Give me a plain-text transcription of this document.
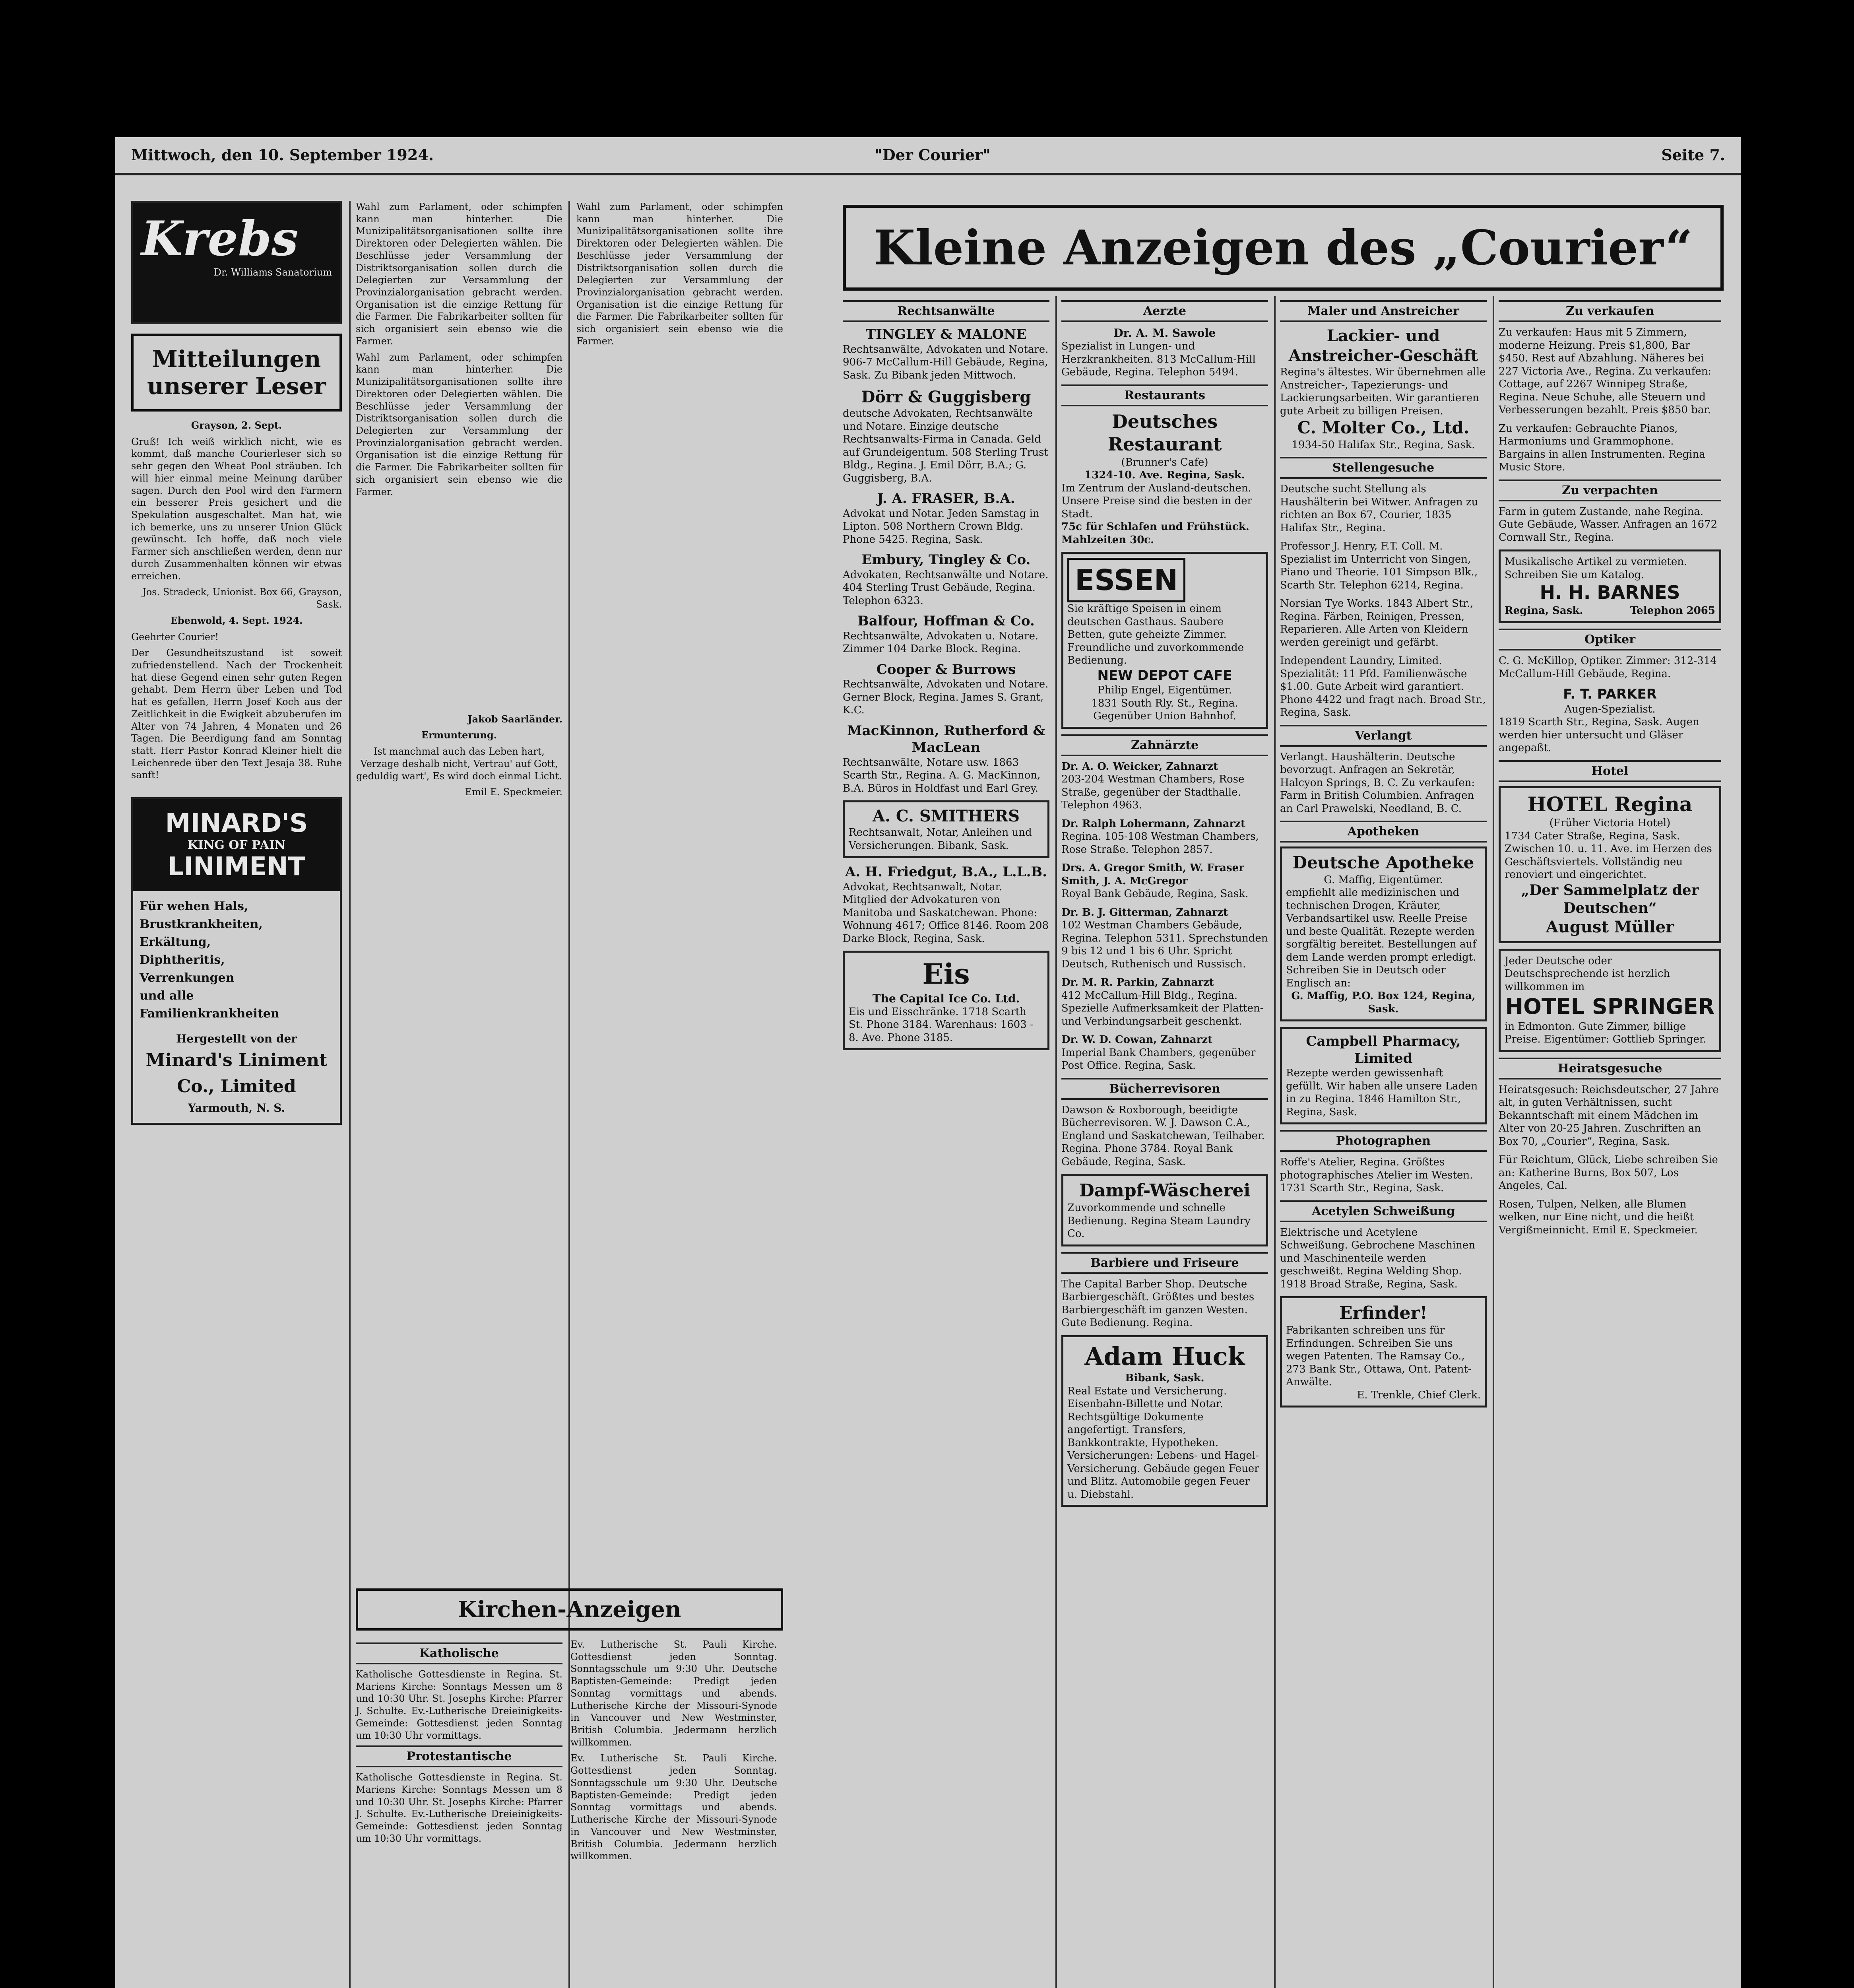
Mittwoch, den 10. September 1924.	"Der Courier"	Seite 7.
Krebs
Dr. Williams Sanatorium
Mitteilungen unserer Leser
Grayson, 2. Sept.
Gruß! Ich weiß wirklich nicht, wie es kommt, daß manche Courierleser sich so sehr gegen den Wheat Pool sträuben. Ich will hier einmal meine Meinung darüber sagen. Durch den Pool wird den Farmern ein besserer Preis gesichert und die Spekulation ausgeschaltet. Man hat, wie ich bemerke, uns zu unserer Union Glück gewünscht. Ich hoffe, daß noch viele Farmer sich anschließen werden, denn nur durch Zusammenhalten können wir etwas erreichen.
Jos. Stradeck, Unionist. Box 66, Grayson, Sask.
Ebenwold, 4. Sept. 1924.
Geehrter Courier!
Der Gesundheitszustand ist soweit zufriedenstellend. Nach der Trockenheit hat diese Gegend einen sehr guten Regen gehabt. Dem Herrn über Leben und Tod hat es gefallen, Herrn Josef Koch aus der Zeitlichkeit in die Ewigkeit abzuberufen im Alter von 74 Jahren, 4 Monaten und 26 Tagen. Die Beerdigung fand am Sonntag statt. Herr Pastor Konrad Kleiner hielt die Leichenrede über den Text Jesaja 38. Ruhe sanft!
MINARD'S
KING OF PAIN
LINIMENT
Für wehen Hals,
Brustkrankheiten,
Erkältung,
Diphtheritis,
Verrenkungen
und alle Familienkrankheiten
Hergestellt von der
Minard's Liniment Co., Limited
Yarmouth, N. S.
Wahl zum Parlament, oder schimpfen kann man hinterher. Die Munizipalitätsorganisationen sollte ihre Direktoren oder Delegierten wählen. Die Beschlüsse jeder Versammlung der Distriktsorganisation sollen durch die Delegierten zur Versammlung der Provinzialorganisation gebracht werden. Organisation ist die einzige Rettung für die Farmer. Die Fabrikarbeiter sollten für sich organisiert sein ebenso wie die Farmer.
Wahl zum Parlament, oder schimpfen kann man hinterher. Die Munizipalitätsorganisationen sollte ihre Direktoren oder Delegierten wählen. Die Beschlüsse jeder Versammlung der Distriktsorganisation sollen durch die Delegierten zur Versammlung der Provinzialorganisation gebracht werden. Organisation ist die einzige Rettung für die Farmer. Die Fabrikarbeiter sollten für sich organisiert sein ebenso wie die Farmer.
Jakob Saarländer.
Ermunterung.
Ist manchmal auch das Leben hart, Verzage deshalb nicht, Vertrau' auf Gott, geduldig wart', Es wird doch einmal Licht.
Emil E. Speckmeier.
Wahl zum Parlament, oder schimpfen kann man hinterher. Die Munizipalitätsorganisationen sollte ihre Direktoren oder Delegierten wählen. Die Beschlüsse jeder Versammlung der Distriktsorganisation sollen durch die Delegierten zur Versammlung der Provinzialorganisation gebracht werden. Organisation ist die einzige Rettung für die Farmer. Die Fabrikarbeiter sollten für sich organisiert sein ebenso wie die Farmer.
Kirchen-Anzeigen
Katholische
Katholische Gottesdienste in Regina. St. Mariens Kirche: Sonntags Messen um 8 und 10:30 Uhr. St. Josephs Kirche: Pfarrer J. Schulte. Ev.-Lutherische Dreieinigkeits-Gemeinde: Gottesdienst jeden Sonntag um 10:30 Uhr vormittags.
Protestantische
Katholische Gottesdienste in Regina. St. Mariens Kirche: Sonntags Messen um 8 und 10:30 Uhr. St. Josephs Kirche: Pfarrer J. Schulte. Ev.-Lutherische Dreieinigkeits-Gemeinde: Gottesdienst jeden Sonntag um 10:30 Uhr vormittags.
Ev. Lutherische St. Pauli Kirche. Gottesdienst jeden Sonntag. Sonntagsschule um 9:30 Uhr. Deutsche Baptisten-Gemeinde: Predigt jeden Sonntag vormittags und abends. Lutherische Kirche der Missouri-Synode in Vancouver und New Westminster, British Columbia. Jedermann herzlich willkommen.
Ev. Lutherische St. Pauli Kirche. Gottesdienst jeden Sonntag. Sonntagsschule um 9:30 Uhr. Deutsche Baptisten-Gemeinde: Predigt jeden Sonntag vormittags und abends. Lutherische Kirche der Missouri-Synode in Vancouver und New Westminster, British Columbia. Jedermann herzlich willkommen.
Kleine Anzeigen des „Courier“
Rechtsanwälte
TINGLEY & MALONE
Rechtsanwälte, Advokaten und Notare. 906-7 McCallum-Hill Gebäude, Regina, Sask. Zu Bibank jeden Mittwoch.
Dörr & Guggisberg
deutsche Advokaten, Rechtsanwälte und Notare. Einzige deutsche Rechtsanwalts-Firma in Canada. Geld auf Grundeigentum. 508 Sterling Trust Bldg., Regina. J. Emil Dörr, B.A.; G. Guggisberg, B.A.
J. A. FRASER, B.A.
Advokat und Notar. Jeden Samstag in Lipton. 508 Northern Crown Bldg. Phone 5425. Regina, Sask.
Embury, Tingley & Co.
Advokaten, Rechtsanwälte und Notare. 404 Sterling Trust Gebäude, Regina. Telephon 6323.
Balfour, Hoffman & Co.
Rechtsanwälte, Advokaten u. Notare. Zimmer 104 Darke Block. Regina.
Cooper & Burrows
Rechtsanwälte, Advokaten und Notare. Gerner Block, Regina. James S. Grant, K.C.
MacKinnon, Rutherford & MacLean
Rechtsanwälte, Notare usw. 1863 Scarth Str., Regina. A. G. MacKinnon, B.A. Büros in Holdfast und Earl Grey.
A. C. SMITHERS
Rechtsanwalt, Notar, Anleihen und Versicherungen. Bibank, Sask.
A. H. Friedgut, B.A., L.L.B.
Advokat, Rechtsanwalt, Notar. Mitglied der Advokaturen von Manitoba und Saskatchewan. Phone: Wohnung 4617; Office 8146. Room 208 Darke Block, Regina, Sask.
Eis
The Capital Ice Co. Ltd.
Eis und Eisschränke. 1718 Scarth St. Phone 3184. Warenhaus: 1603 - 8. Ave. Phone 3185.
Aerzte
Dr. A. M. Sawole
Spezialist in Lungen- und Herzkrankheiten. 813 McCallum-Hill Gebäude, Regina. Telephon 5494.
Restaurants
Deutsches Restaurant
(Brunner's Cafe)
1324-10. Ave. Regina, Sask.
Im Zentrum der Ausland-deutschen. Unsere Preise sind die besten in der Stadt.
75c für Schlafen und Frühstück. Mahlzeiten 30c.
ESSEN
Sie kräftige Speisen in einem deutschen Gasthaus. Saubere Betten, gute geheizte Zimmer. Freundliche und zuvorkommende Bedienung.
NEW DEPOT CAFE
Philip Engel, Eigentümer.
1831 South Rly. St., Regina. Gegenüber Union Bahnhof.
Zahnärzte
Dr. A. O. Weicker, Zahnarzt
203-204 Westman Chambers, Rose Straße, gegenüber der Stadthalle. Telephon 4963.
Dr. Ralph Lohermann, Zahnarzt
Regina. 105-108 Westman Chambers, Rose Straße. Telephon 2857.
Drs. A. Gregor Smith, W. Fraser Smith, J. A. McGregor
Royal Bank Gebäude, Regina, Sask.
Dr. B. J. Gitterman, Zahnarzt
102 Westman Chambers Gebäude, Regina. Telephon 5311. Sprechstunden 9 bis 12 und 1 bis 6 Uhr. Spricht Deutsch, Ruthenisch und Russisch.
Dr. M. R. Parkin, Zahnarzt
412 McCallum-Hill Bldg., Regina. Spezielle Aufmerksamkeit der Platten- und Verbindungsarbeit geschenkt.
Dr. W. D. Cowan, Zahnarzt
Imperial Bank Chambers, gegenüber Post Office. Regina, Sask.
Bücherrevisoren
Dawson & Roxborough, beeidigte Bücherrevisoren. W. J. Dawson C.A., England und Saskatchewan, Teilhaber. Regina. Phone 3784. Royal Bank Gebäude, Regina, Sask.
Dampf-Wäscherei
Zuvorkommende und schnelle Bedienung. Regina Steam Laundry Co.
Barbiere und Friseure
The Capital Barber Shop. Deutsche Barbiergeschäft. Größtes und bestes Barbiergeschäft im ganzen Westen. Gute Bedienung. Regina.
Adam Huck
Bibank, Sask.
Real Estate und Versicherung. Eisenbahn-Billette und Notar. Rechtsgültige Dokumente angefertigt. Transfers, Bankkontrakte, Hypotheken. Versicherungen: Lebens- und Hagel-Versicherung. Gebäude gegen Feuer und Blitz. Automobile gegen Feuer u. Diebstahl.
Maler und Anstreicher
Lackier- und Anstreicher-Geschäft
Regina's ältestes. Wir übernehmen alle Anstreicher-, Tapezierungs- und Lackierungsarbeiten. Wir garantieren gute Arbeit zu billigen Preisen.
C. Molter Co., Ltd.
1934-50 Halifax Str., Regina, Sask.
Stellengesuche
Deutsche sucht Stellung als Haushälterin bei Witwer. Anfragen zu richten an Box 67, Courier, 1835 Halifax Str., Regina.
Professor J. Henry, F.T. Coll. M. Spezialist im Unterricht von Singen, Piano und Theorie. 101 Simpson Blk., Scarth Str. Telephon 6214, Regina.
Norsian Tye Works. 1843 Albert Str., Regina. Färben, Reinigen, Pressen, Reparieren. Alle Arten von Kleidern werden gereinigt und gefärbt.
Independent Laundry, Limited. Spezialität: 11 Pfd. Familienwäsche $1.00. Gute Arbeit wird garantiert. Phone 4422 und fragt nach. Broad Str., Regina, Sask.
Verlangt
Verlangt. Haushälterin. Deutsche bevorzugt. Anfragen an Sekretär, Halcyon Springs, B. C. Zu verkaufen: Farm in British Columbien. Anfragen an Carl Prawelski, Needland, B. C.
Apotheken
Deutsche Apotheke
G. Maffig, Eigentümer.
empfiehlt alle medizinischen und technischen Drogen, Kräuter, Verbandsartikel usw. Reelle Preise und beste Qualität. Rezepte werden sorgfältig bereitet. Bestellungen auf dem Lande werden prompt erledigt. Schreiben Sie in Deutsch oder Englisch an:
G. Maffig, P.O. Box 124, Regina, Sask.
Campbell Pharmacy, Limited
Rezepte werden gewissenhaft gefüllt. Wir haben alle unsere Laden in zu Regina. 1846 Hamilton Str., Regina, Sask.
Photographen
Roffe's Atelier, Regina. Größtes photographisches Atelier im Westen. 1731 Scarth Str., Regina, Sask.
Acetylen Schweißung
Elektrische und Acetylene Schweißung. Gebrochene Maschinen und Maschinenteile werden geschweißt. Regina Welding Shop. 1918 Broad Straße, Regina, Sask.
Erfinder!
Fabrikanten schreiben uns für Erfindungen. Schreiben Sie uns wegen Patenten. The Ramsay Co., 273 Bank Str., Ottawa, Ont. Patent-Anwälte.
E. Trenkle, Chief Clerk.
Zu verkaufen
Zu verkaufen: Haus mit 5 Zimmern, moderne Heizung. Preis $1,800, Bar $450. Rest auf Abzahlung. Näheres bei 227 Victoria Ave., Regina. Zu verkaufen: Cottage, auf 2267 Winnipeg Straße, Regina. Neue Schuhe, alle Steuern und Verbesserungen bezahlt. Preis $850 bar.
Zu verkaufen: Gebrauchte Pianos, Harmoniums und Grammophone. Bargains in allen Instrumenten. Regina Music Store.
Zu verpachten
Farm in gutem Zustande, nahe Regina. Gute Gebäude, Wasser. Anfragen an 1672 Cornwall Str., Regina.
Musikalische Artikel zu vermieten. Schreiben Sie um Katalog.
H. H. BARNES
Regina, Sask.	Telephon 2065
Optiker
C. G. McKillop, Optiker. Zimmer: 312-314 McCallum-Hill Gebäude, Regina.
F. T. PARKER
Augen-Spezialist.
1819 Scarth Str., Regina, Sask. Augen werden hier untersucht und Gläser angepaßt.
Hotel
HOTEL Regina
(Früher Victoria Hotel)
1734 Cater Straße, Regina, Sask. Zwischen 10. u. 11. Ave. im Herzen des Geschäftsviertels. Vollständig neu renoviert und eingerichtet.
„Der Sammelplatz der Deutschen“
August Müller
Jeder Deutsche oder Deutschsprechende ist herzlich willkommen im
HOTEL SPRINGER
in Edmonton. Gute Zimmer, billige Preise. Eigentümer: Gottlieb Springer.
Heiratsgesuche
Heiratsgesuch: Reichsdeutscher, 27 Jahre alt, in guten Verhältnissen, sucht Bekanntschaft mit einem Mädchen im Alter von 20-25 Jahren. Zuschriften an Box 70, „Courier“, Regina, Sask.
Für Reichtum, Glück, Liebe schreiben Sie an: Katherine Burns, Box 507, Los Angeles, Cal.
Rosen, Tulpen, Nelken, alle Blumen welken, nur Eine nicht, und die heißt Vergißmeinnicht. Emil E. Speckmeier.
